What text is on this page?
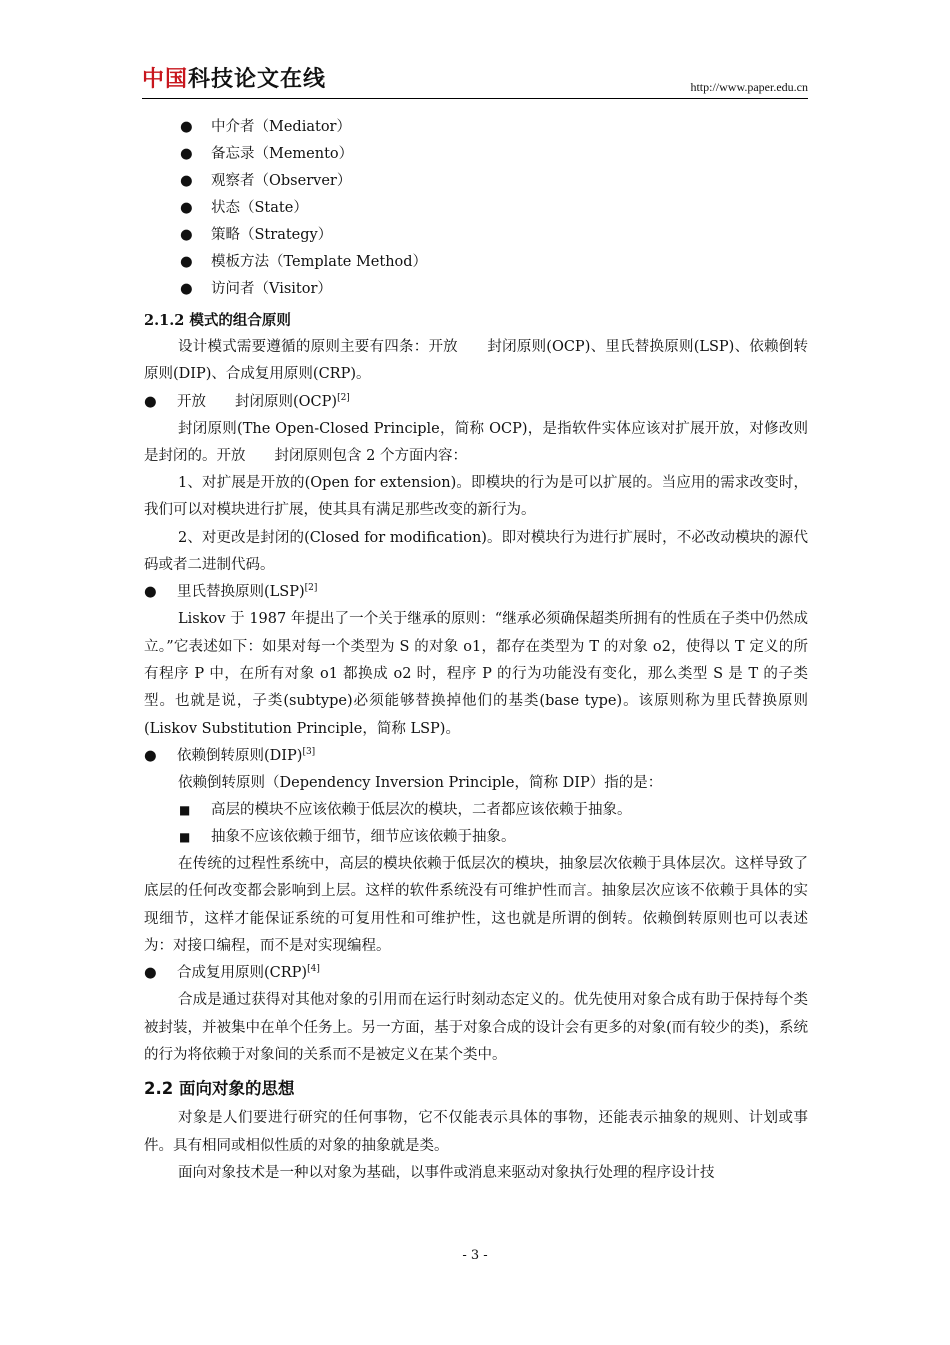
中国科技论文在线	http://www.paper.edu.cn
● 中介者（Mediator）
● 备忘录（Memento）
● 观察者（Observer）
● 状态（State）
● 策略（Strategy）
● 模板方法（Template Method）
● 访问者（Visitor）
2.1.2 模式的组合原则
设计模式需要遵循的原则主要有四条：开放　　封闭原则(OCP)、里氏替换原则(LSP)、依赖倒转原则(DIP)、合成复用原则(CRP)。
● 开放　　封闭原则(OCP)[2]
封闭原则(The Open-Closed Principle，简称 OCP)，是指软件实体应该对扩展开放，对修改则是封闭的。开放　　封闭原则包含 2 个方面内容：
1、对扩展是开放的(Open for extension)。即模块的行为是可以扩展的。当应用的需求改变时，我们可以对模块进行扩展，使其具有满足那些改变的新行为。
2、对更改是封闭的(Closed for modification)。即对模块行为进行扩展时，不必改动模块的源代码或者二进制代码。
● 里氏替换原则(LSP)[2]
Liskov 于 1987 年提出了一个关于继承的原则：“继承必须确保超类所拥有的性质在子类中仍然成立。”它表述如下：如果对每一个类型为 S 的对象 o1，都存在类型为 T 的对象 o2，使得以 T 定义的所有程序 P 中，在所有对象 o1 都换成 o2 时，程序 P 的行为功能没有变化，那么类型 S 是 T 的子类型。也就是说，子类(subtype)必须能够替换掉他们的基类(base type)。该原则称为里氏替换原则(Liskov Substitution Principle，简称 LSP)。
● 依赖倒转原则(DIP)[3]
依赖倒转原则（Dependency Inversion Principle，简称 DIP）指的是：
■ 高层的模块不应该依赖于低层次的模块，二者都应该依赖于抽象。
■ 抽象不应该依赖于细节，细节应该依赖于抽象。
在传统的过程性系统中，高层的模块依赖于低层次的模块，抽象层次依赖于具体层次。这样导致了底层的任何改变都会影响到上层。这样的软件系统没有可维护性而言。抽象层次应该不依赖于具体的实现细节，这样才能保证系统的可复用性和可维护性，这也就是所谓的倒转。依赖倒转原则也可以表述为：对接口编程，而不是对实现编程。
● 合成复用原则(CRP)[4]
合成是通过获得对其他对象的引用而在运行时刻动态定义的。优先使用对象合成有助于保持每个类被封装，并被集中在单个任务上。另一方面，基于对象合成的设计会有更多的对象(而有较少的类)，系统的行为将依赖于对象间的关系而不是被定义在某个类中。
2.2 面向对象的思想
对象是人们要进行研究的任何事物，它不仅能表示具体的事物，还能表示抽象的规则、计划或事件。具有相同或相似性质的对象的抽象就是类。
面向对象技术是一种以对象为基础，以事件或消息来驱动对象执行处理的程序设计技
- 3 -
